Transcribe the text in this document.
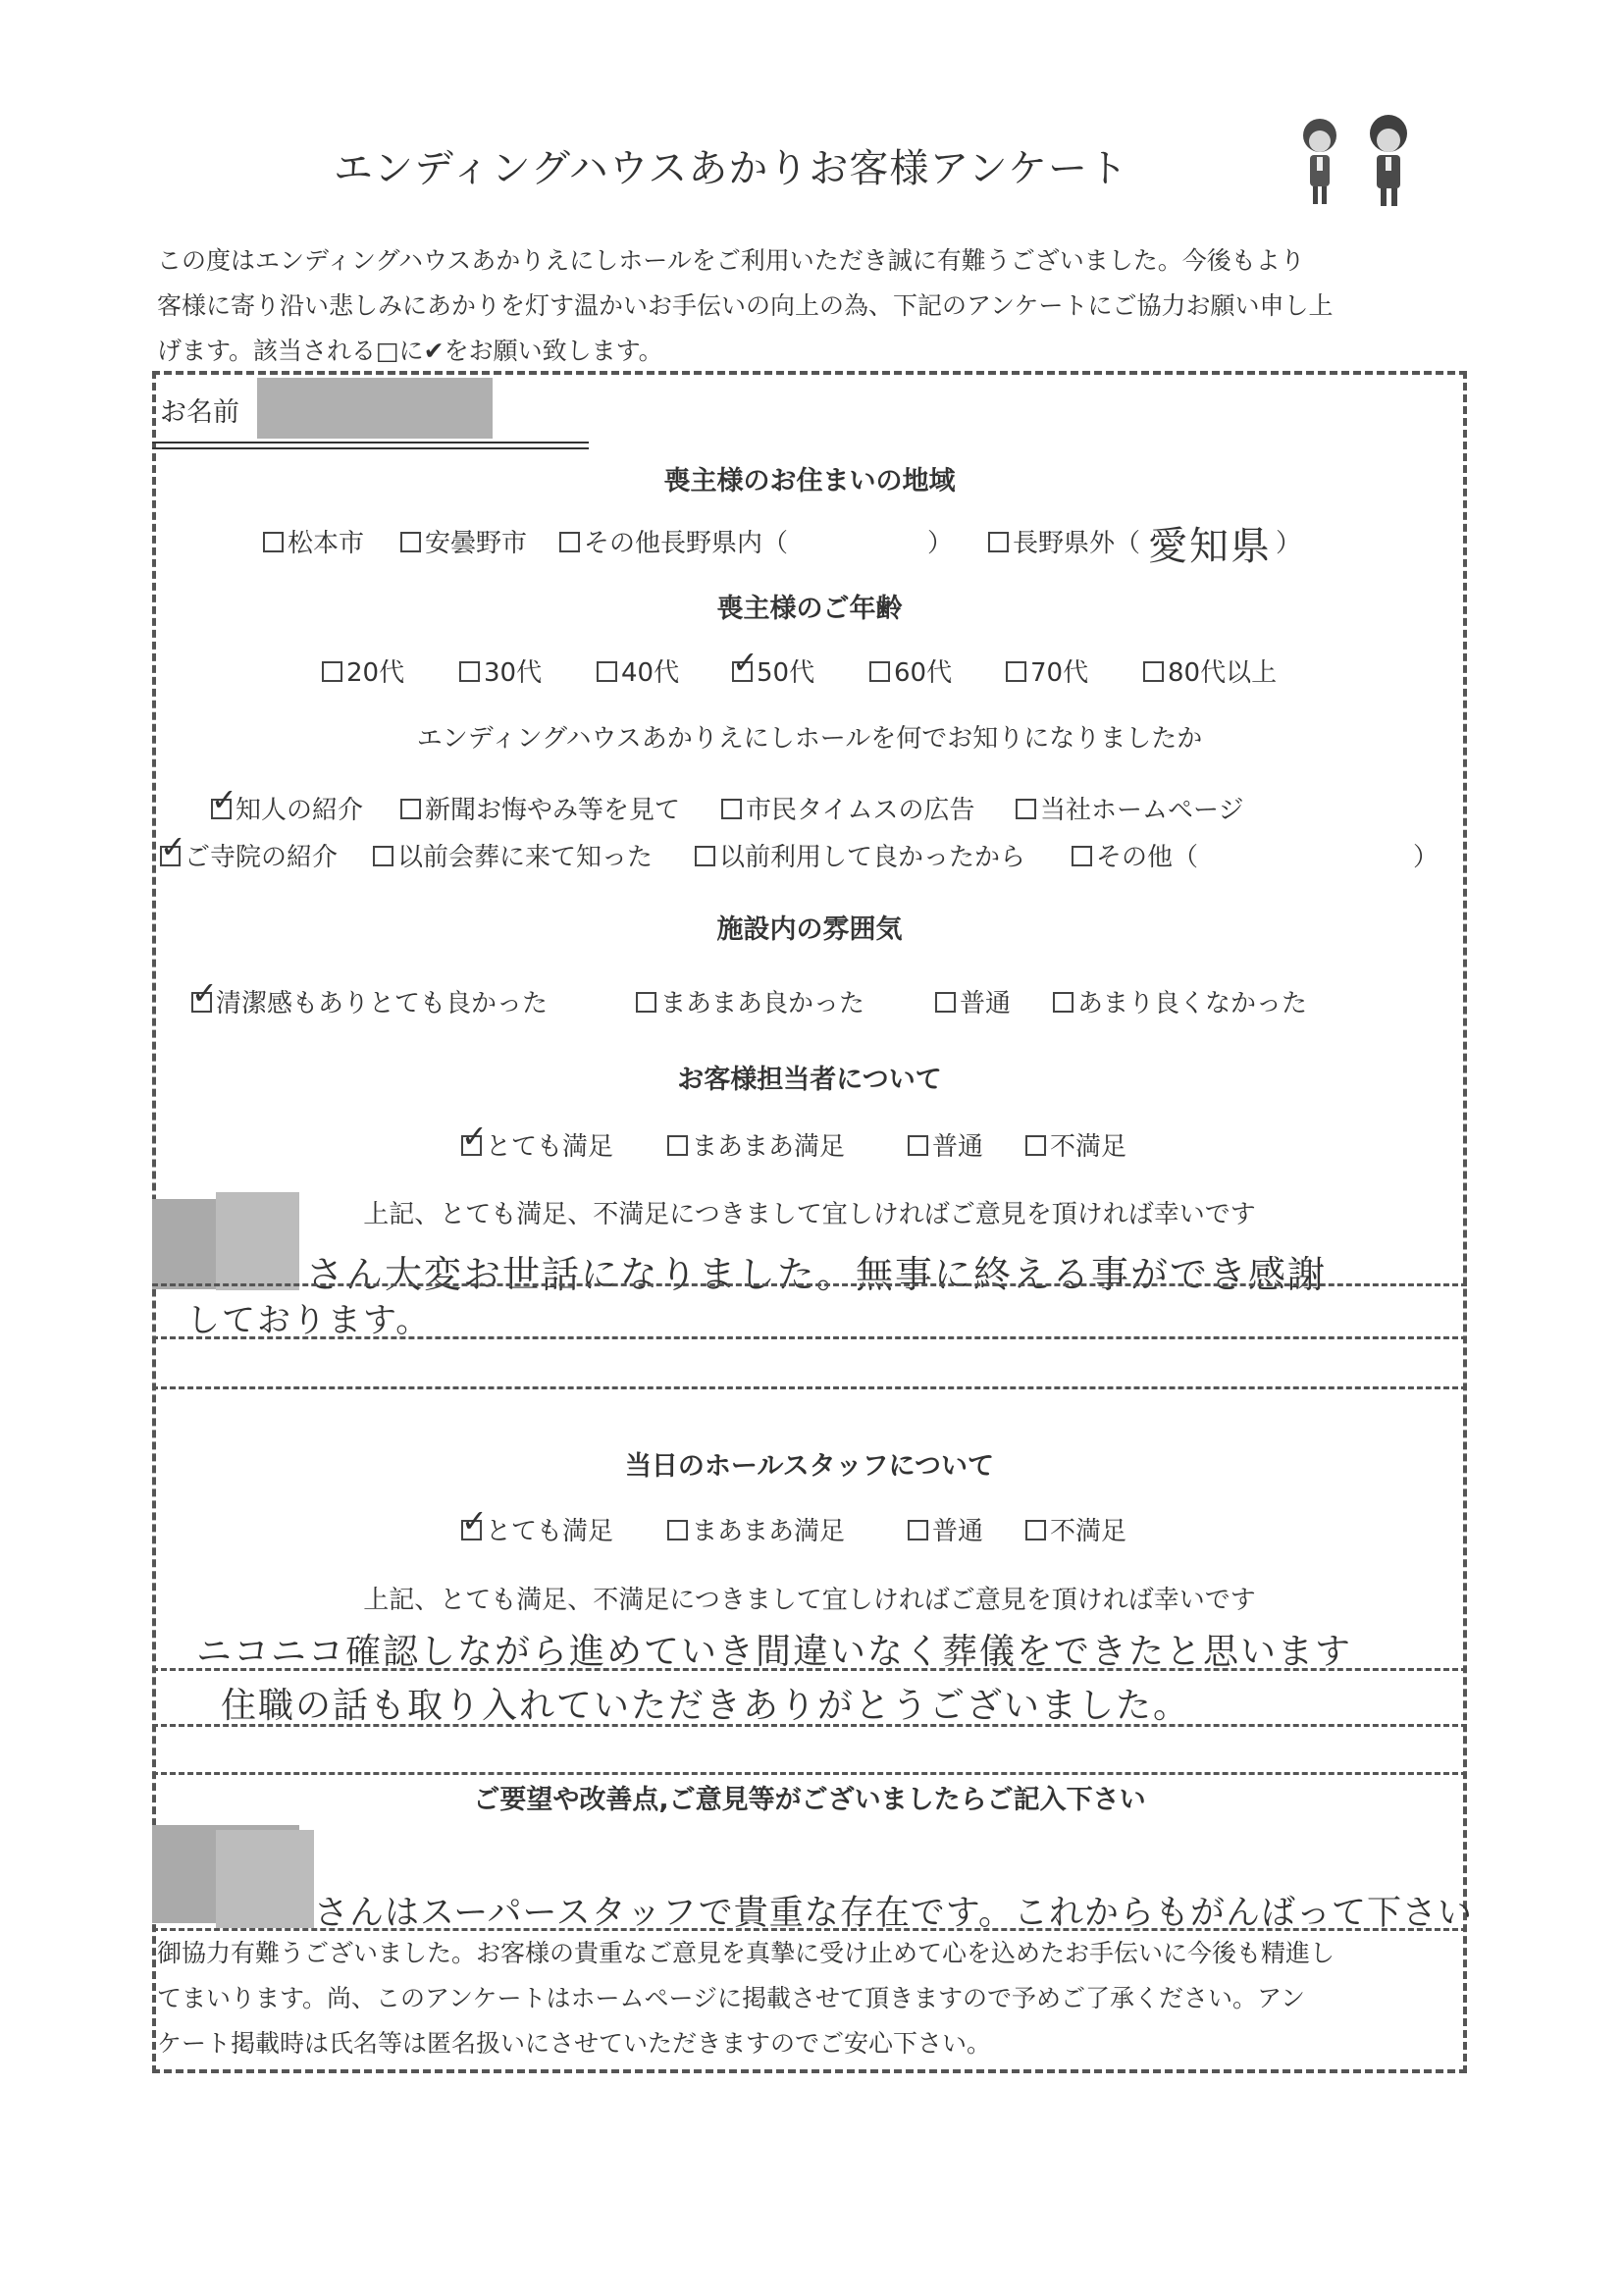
エンディングハウスあかりお客様アンケート
この度はエンディングハウスあかりえにしホールをご利用いただき誠に有難うございました。今後もより
客様に寄り沿い悲しみにあかりを灯す温かいお手伝いの向上の為、下記のアンケートにご協力お願い申し上
げます。該当される□に✔をお願い致します。
お名前
喪主様のお住まいの地域
松本市	安曇野市	その他長野県内（	）	長野県外（ 愛知県 ）
喪主様のご年齢
20代	30代	40代
✓	50代	60代	70代	80代以上
エンディングハウスあかりえにしホールを何でお知りになりましたか
✓知人の紹介	新聞お悔やみ等を見て	市民タイムスの広告	当社ホームページ
✓ご寺院の紹介	以前会葬に来て知った	以前利用して良かったから	その他（	）
施設内の雰囲気
✓清潔感もありとても良かった	まあまあ良かった	普通	あまり良くなかった
お客様担当者について
✓とても満足	まあまあ満足	普通	不満足
上記、とても満足、不満足につきまして宜しければご意見を頂ければ幸いです
さん大変お世話になりました。無事に終える事ができ感謝
しております。
当日のホールスタッフについて
✓とても満足	まあまあ満足	普通	不満足
上記、とても満足、不満足につきまして宜しければご意見を頂ければ幸いです
ニコニコ確認しながら進めていき間違いなく葬儀をできたと思います
住職の話も取り入れていただきありがとうございました。
ご要望や改善点,ご意見等がございましたらご記入下さい
さんはスーパースタッフで貴重な存在です。これからもがんばって下さい
御協力有難うございました。お客様の貴重なご意見を真摯に受け止めて心を込めたお手伝いに今後も精進し
てまいります。尚、このアンケートはホームページに掲載させて頂きますので予めご了承ください。アン
ケート掲載時は氏名等は匿名扱いにさせていただきますのでご安心下さい。
